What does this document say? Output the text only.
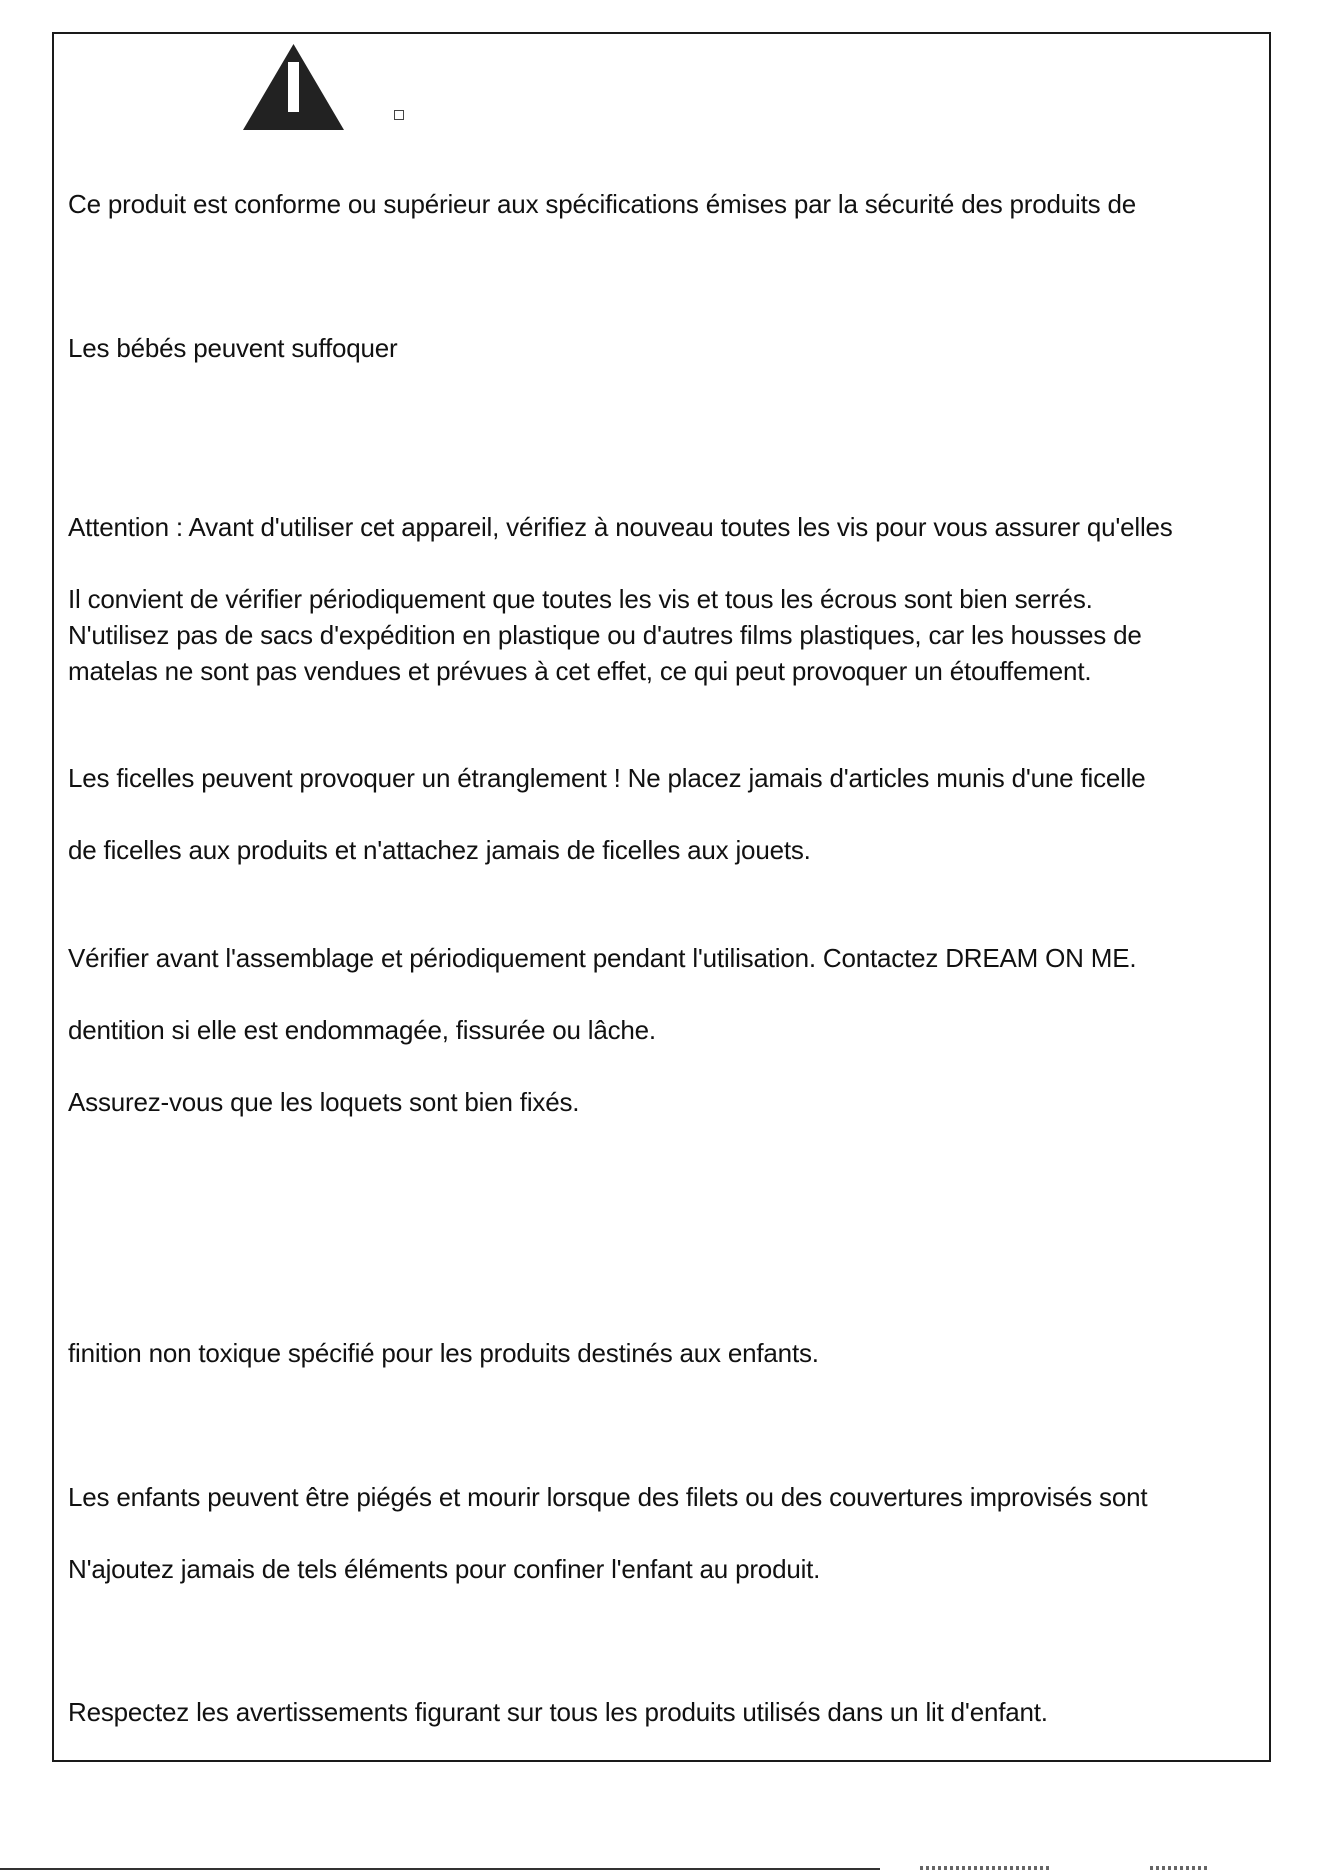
Ce produit est conforme ou supérieur aux spécifications émises par la sécurité des produits de
Les bébés peuvent suffoquer
Attention : Avant d'utiliser cet appareil, vérifiez à nouveau toutes les vis pour vous assurer qu'elles
Il convient de vérifier périodiquement que toutes les vis et tous les écrous sont bien serrés.
N'utilisez pas de sacs d'expédition en plastique ou d'autres films plastiques, car les housses de
matelas ne sont pas vendues et prévues à cet effet, ce qui peut provoquer un étouffement.
Les ficelles peuvent provoquer un étranglement ! Ne placez jamais d'articles munis d'une ficelle
de ficelles aux produits et n'attachez jamais de ficelles aux jouets.
Vérifier avant l'assemblage et périodiquement pendant l'utilisation. Contactez DREAM ON ME.
dentition si elle est endommagée, fissurée ou lâche.
Assurez-vous que les loquets sont bien fixés.
finition non toxique spécifié pour les produits destinés aux enfants.
Les enfants peuvent être piégés et mourir lorsque des filets ou des couvertures improvisés sont
N'ajoutez jamais de tels éléments pour confiner l'enfant au produit.
Respectez les avertissements figurant sur tous les produits utilisés dans un lit d'enfant.
